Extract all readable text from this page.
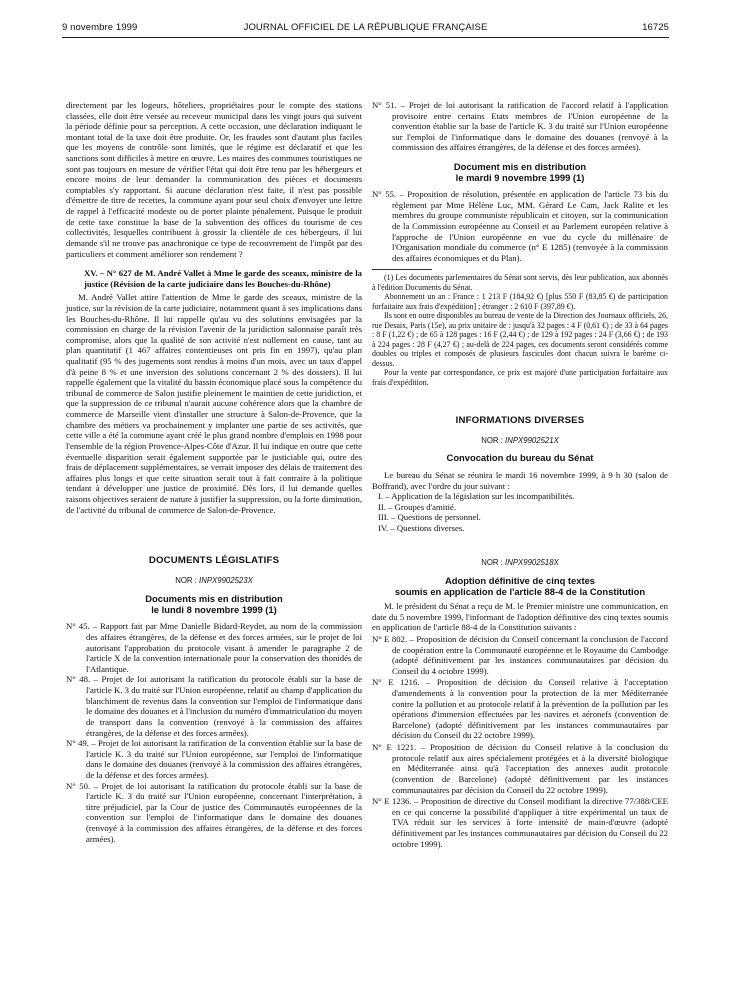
9 novembre 1999	JOURNAL OFFICIEL DE LA RÉPUBLIQUE FRANÇAISE	16725

directement par les logeurs, hôteliers, propriétaires pour le compte des stations classées, elle doit être versée au receveur municipal dans les vingt jours qui suivent la période définie pour sa perception. A cette occasion, une déclaration indiquant le montant total de la taxe doit être produite. Or, les fraudes sont d'autant plus faciles que les moyens de contrôle sont limités, que le régime est déclaratif et que les sanctions sont difficiles à mettre en œuvre. Les maires des communes touristiques ne sont pas toujours en mesure de vérifier l'état qui doit être tenu par les hébergeurs et encore moins de leur demander la communication des pièces et documents comptables s'y rapportant. Si aucune déclaration n'est faite, il n'est pas possible d'émettre de titre de recettes, la commune ayant pour seul choix d'envoyer une lettre de rappel à l'efficacité modeste ou de porter plainte pénalement. Puisque le produit de cette taxe constitue la base de la subvention des offices du tourisme de ces collectivités, lesquelles contribuent à grossir la clientèle de ces hébergeurs, il lui demande s'il ne trouve pas anachronique ce type de recouvrement de l'impôt par des particuliers et comment améliorer son rendement ?

XV. – N° 627 de M. André Vallet à Mme le garde des sceaux, ministre de la justice (Révision de la carte judiciaire dans les Bouches-du-Rhône)

M. André Vallet attire l'attention de Mme le garde des sceaux, ministre de la justice, sur la révision de la carte judiciaire, notamment quant à ses implications dans les Bouches-du-Rhône. Il lui rappelle qu'au vu des solutions envisagées par la commission en charge de la révision l'avenir de la juridiction salonnaise paraît très compromise, alors que la qualité de son activité n'est nullement en cause, tant au plan quantitatif (1 467 affaires contentieuses ont pris fin en 1997), qu'au plan qualitatif (95 % des jugements sont rendus à moins d'un mois, avec un taux d'appel d'à peine 8 % et une inversion des solutions concernant 2 % des dossiers). Il lui rappelle également que la vitalité du bassin économique placé sous la compétence du tribunal de commerce de Salon justifie pleinement le maintien de cette juridiction, et que la suppression de ce tribunal n'aurait aucune cohérence alors que la chambre de commerce de Marseille vient d'installer une structure à Salon-de-Provence, que la chambre des métiers va prochainement y implanter une partie de ses activités, que cette ville a été la commune ayant créé le plus grand nombre d'emplois en 1998 pour l'ensemble de la région Provence-Alpes-Côte d'Azur. Il lui indique en outre que cette éventuelle disparition serait également supportée par le justiciable qui, outre des frais de déplacement supplémentaires, se verrait imposer des délais de traitement des affaires plus longs et que cette situation serait tout à fait contraire à la politique tendant à développer une justice de proximité. Dès lors, il lui demande quelles raisons objectives seraient de nature à justifier la suppression, ou la forte diminution, de l'activité du tribunal de commerce de Salon-de-Provence.

DOCUMENTS LÉGISLATIFS
NOR : INPX9902523X
Documents mis en distribution
le lundi 8 novembre 1999 (1)

N° 45. – Rapport fait par Mme Danielle Bidard-Reydet, au nom de la commission des affaires étrangères, de la défense et des forces armées, sur le projet de loi autorisant l'approbation du protocole visant à amender le paragraphe 2 de l'article X de la convention internationale pour la conservation des thonidés de l'Atlantique.

N° 48. – Projet de loi autorisant la ratification du protocole établi sur la base de l'article K. 3 du traité sur l'Union européenne, relatif au champ d'application du blanchiment de revenus dans la convention sur l'emploi de l'informatique dans le domaine des douanes et à l'inclusion du numéro d'immatriculation du moyen de transport dans la convention (renvoyé à la commission des affaires étrangères, de la défense et des forces armées).

N° 49. – Projet de loi autorisant la ratification de la convention établie sur la base de l'article K. 3 du traité sur l'Union européenne, sur l'emploi de l'informatique dans le domaine des douanes (renvoyé à la commission des affaires étrangères, de la défense et des forces armées).

N° 50. – Projet de loi autorisant la ratification du protocole établi sur la base de l'article K. 3 du traité sur l'Union européenne, concernant l'interprétation, à titre préjudiciel, par la Cour de justice des Communautés européennes de la convention sur l'emploi de l'informatique dans le domaine des douanes (renvoyé à la commission des affaires étrangères, de la défense et des forces armées).

N° 51. – Projet de loi autorisant la ratification de l'accord relatif à l'application provisoire entre certains Etats membres de l'Union européenne de la convention établie sur la base de l'article K. 3 du traité sur l'Union européenne sur l'emploi de l'informatique dans le domaine des douanes (renvoyé à la commission des affaires étrangères, de la défense et des forces armées).

Document mis en distribution
le mardi 9 novembre 1999 (1)

N° 55. – Proposition de résolution, présentée en application de l'article 73 bis du règlement par Mme Hélène Luc, MM. Gérard Le Cam, Jack Ralite et les membres du groupe communiste républicain et citoyen, sur la communication de la Commission européenne au Conseil et au Parlement européen relative à l'approche de l'Union européenne en vue du cycle du millénaire de l'Organisation mondiale du commerce (n° E 1285) (renvoyée à la commission des affaires économiques et du Plan).

(1) Les documents parlementaires du Sénat sont servis, dès leur publication, aux abonnés à l'édition Documents du Sénat.

Abonnement un an : France : 1 213 F (184,92 €) [plus 550 F (83,85 €) de participation forfaitaire aux frais d'expédition] ; étranger : 2 610 F (397,89 €).

Ils sont en outre disponibles au bureau de vente de la Direction des Journaux officiels, 26, rue Desaix, Paris (15e), au prix unitaire de : jusqu'à 32 pages : 4 F (0,61 €) ; de 33 à 64 pages : 8 F (1,22 €) ; de 65 à 128 pages : 16 F (2,44 €) ; de 129 à 192 pages : 24 F (3,66 €) ; de 193 à 224 pages : 28 F (4,27 €) ; au-delà de 224 pages, ces documents seront considérés comme doubles ou triples et composés de plusieurs fascicules dont chacun suivra le barème ci-dessus.

Pour la vente par correspondance, ce prix est majoré d'une participation forfaitaire aux frais d'expédition.

INFORMATIONS DIVERSES
NOR : INPX9902521X
Convocation du bureau du Sénat

Le bureau du Sénat se réunira le mardi 16 novembre 1999, à 9 h 30 (salon de Boffrand), avec l'ordre du jour suivant :

I. – Application de la législation sur les incompatibilités.

II. – Groupes d'amitié.

III. – Questions de personnel.

IV. – Questions diverses.

NOR : INPX9902518X
Adoption définitive de cinq textes
soumis en application de l'article 88-4 de la Constitution

M. le président du Sénat a reçu de M. le Premier ministre une communication, en date du 5 novembre 1999, l'informant de l'adoption définitive des cinq textes soumis en application de l'article 88-4 de la Constitution suivants :

N° E 802. – Proposition de décision du Conseil concernant la conclusion de l'accord de coopération entre la Communauté européenne et le Royaume du Cambodge (adopté définitivement par les instances communautaires par décision du Conseil du 4 octobre 1999).

N° E 1216. – Proposition de décision du Conseil relative à l'acceptation d'amendements à la convention pour la protection de la mer Méditerranée contre la pollution et au protocole relatif à la prévention de la pollution par les opérations d'immersion effectuées par les navires et aéronefs (convention de Barcelone) (adopté définitivement par les instances communautaires par décision du Conseil du 22 octobre 1999).

N° E 1221. – Proposition de décision du Conseil relative à la conclusion du protocole relatif aux aires spécialement protégées et à la diversité biologique en Méditerranée ainsi qu'à l'acceptation des annexes audit protocole (convention de Barcelone) (adopté définitivement par les instances communautaires par décision du Conseil du 22 octobre 1999).

N° E 1236. – Proposition de directive du Conseil modifiant la directive 77/388/CEE en ce qui concerne la possibilité d'appliquer à titre expérimental un taux de TVA réduit sur les services à forte intensité de main-d'œuvre (adopté définitivement par les instances communautaires par décision du Conseil du 22 octobre 1999).
